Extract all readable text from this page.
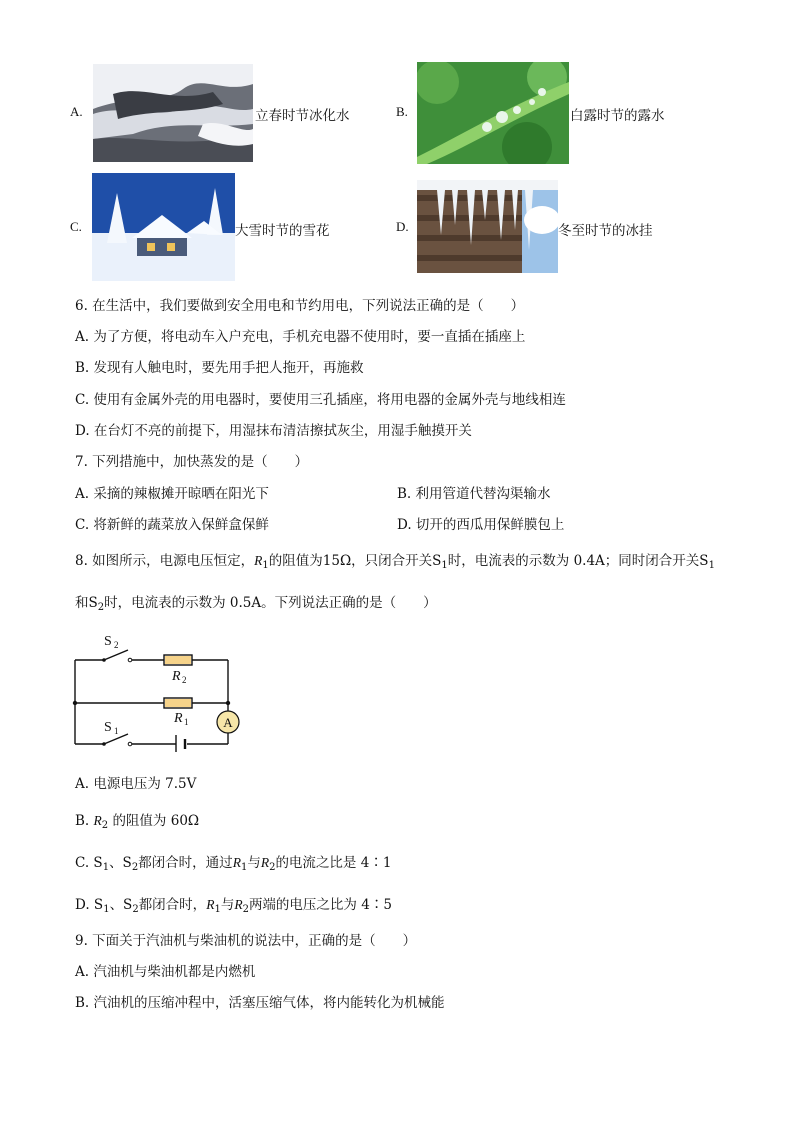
A.	立春时节冰化水	B.	白露时节的露水
C.	大雪时节的雪花	D.	冬至时节的冰挂
6. 在生活中，我们要做到安全用电和节约用电，下列说法正确的是（　　）
A. 为了方便，将电动车入户充电，手机充电器不使用时，要一直插在插座上
B. 发现有人触电时，要先用手把人拖开，再施救
C. 使用有金属外壳的用电器时，要使用三孔插座，将用电器的金属外壳与地线相连
D. 在台灯不亮的前提下，用湿抹布清洁擦拭灰尘，用湿手触摸开关
7. 下列措施中，加快蒸发的是（　　）
A. 采摘的辣椒摊开晾晒在阳光下	B. 利用管道代替沟渠输水
C. 将新鲜的蔬菜放入保鲜盒保鲜	D. 切开的西瓜用保鲜膜包上
8. 如图所示，电源电压恒定，$R_1$的阻值为15Ω，只闭合开关$S_1$时，电流表的示数为 0.4A；同时闭合开关$S_1$
和$S_2$时，电流表的示数为 0.5A。下列说法正确的是（　　）
A
S 2
R 2
R 1
S 1
A. 电源电压为 7.5V
B. $R_2$ 的阻值为 60Ω
C. $S_1$、$S_2$都闭合时，通过$R_1$与$R_2$的电流之比是 4∶1
D. $S_1$、$S_2$都闭合时，$R_1$与$R_2$两端的电压之比为 4∶5
9. 下面关于汽油机与柴油机的说法中，正确的是（　　）
A. 汽油机与柴油机都是内燃机
B. 汽油机的压缩冲程中，活塞压缩气体，将内能转化为机械能
